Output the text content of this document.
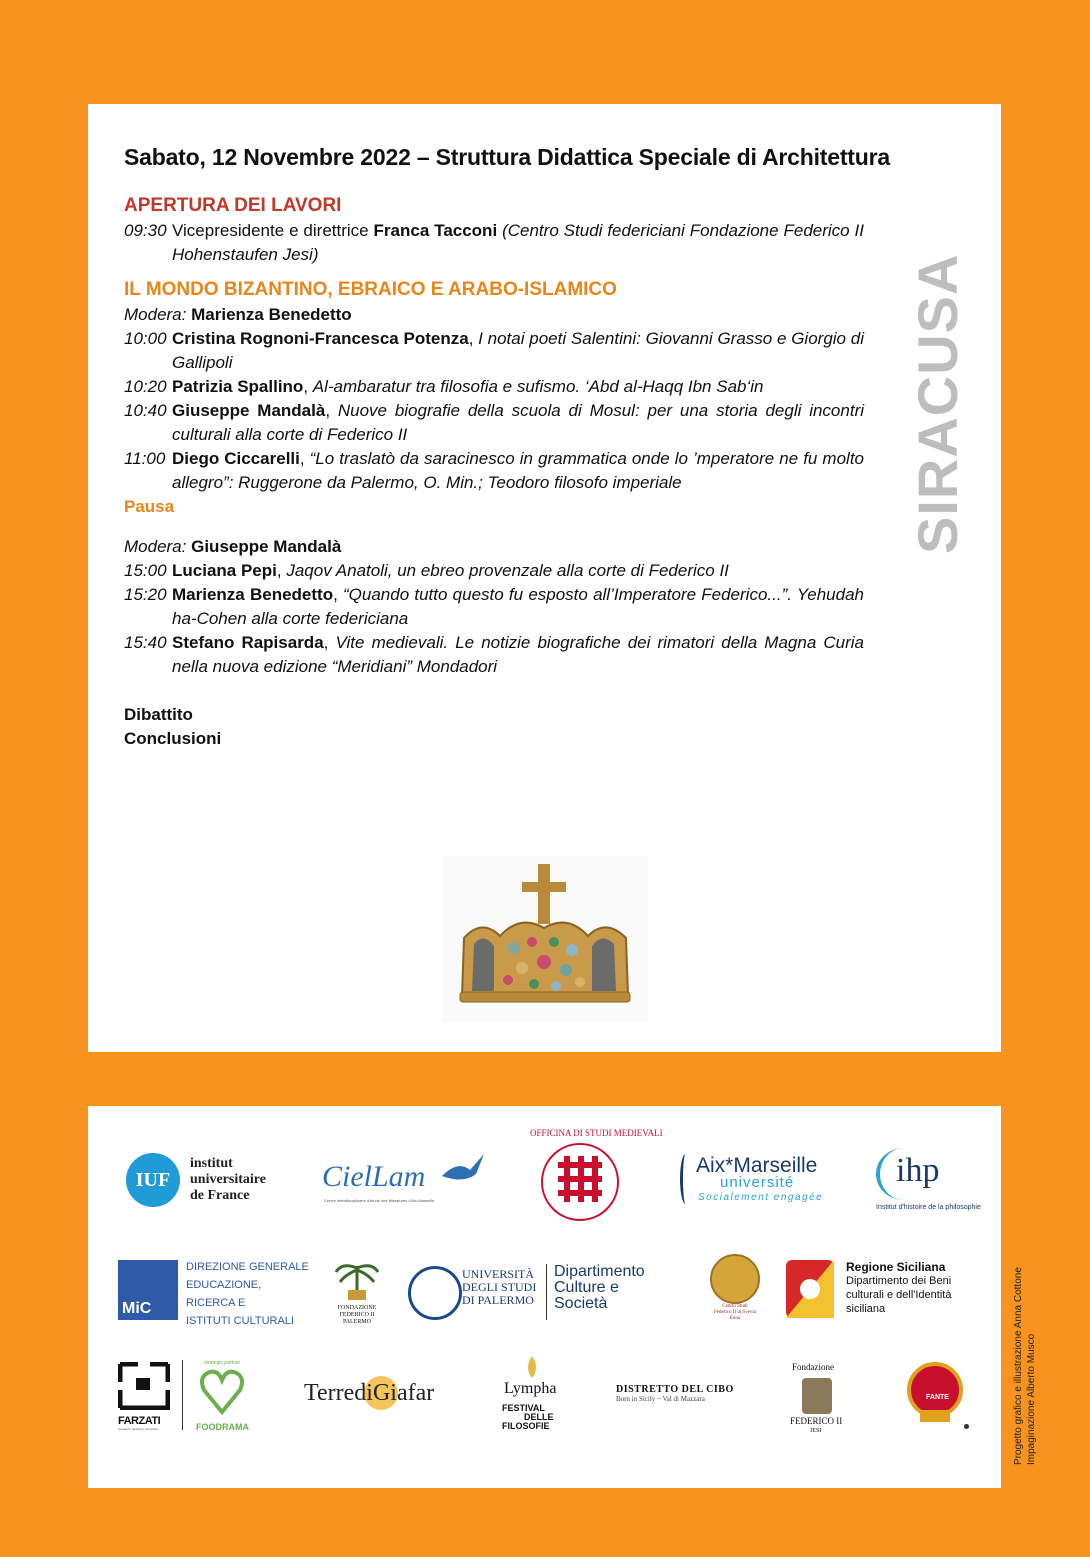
Sabato, 12 Novembre 2022 – Struttura Didattica Speciale di Architettura
APERTURA DEI LAVORI
09:30 Vicepresidente e direttrice Franca Tacconi (Centro Studi federiciani Fondazione Federico II Hohenstaufen Jesi)
IL MONDO BIZANTINO, EBRAICO E ARABO-ISLAMICO
Modera: Marienza Benedetto
10:00 Cristina Rognoni-Francesca Potenza, I notai poeti Salentini: Giovanni Grasso e Giorgio di Gallipoli
10:20 Patrizia Spallino, Al-ambaratur tra filosofia e sufismo. ‘Abd al-Haqq Ibn Sab‘in
10:40 Giuseppe Mandalà, Nuove biografie della scuola di Mosul: per una storia degli incontri culturali alla corte di Federico II
11:00 Diego Ciccarelli, “Lo traslatò da saracinesco in grammatica onde lo ’mperatore ne fu molto allegro”: Ruggerone da Palermo, O. Min.; Teodoro filosofo imperiale
Pausa
Modera: Giuseppe Mandalà
15:00 Luciana Pepi, Jaqov Anatoli, un ebreo provenzale alla corte di Federico II
15:20 Marienza Benedetto, “Quando tutto questo fu esposto all’Imperatore Federico...”. Yehudah ha-Cohen alla corte federiciana
15:40 Stefano Rapisarda, Vite medievali. Le notizie biografiche dei rimatori della Magna Curia nella nuova edizione “Meridiani” Mondadori
Dibattito
Conclusioni
SIRACUSA
IUF
institut
universitaire
de France
CielLam
Centre interdisciplinaire d'étude des littératures d'Aix-Marseille
OFFICINA DI STUDI MEDIEVALI
Aix*Marseille
université
Socialement engagée
ihp
Institut d'histoire de la philosophie
MiC
DIREZIONE GENERALE
EDUCAZIONE,
RICERCA E
ISTITUTI CULTURALI
FONDAZIONE
FEDERICO II
PALERMO
UNIVERSITÀ
DEGLI STUDI
DI PALERMO
Dipartimento
Culture e
Società	Centro Studi
Federico II di Svevia
Enna
Regione Siciliana
Dipartimento dei Beni
culturali e dell'Identità
siciliana
FARZATI
research | develop | innovation
strategic partner
FOODRAMA
TerrediGiafar	Lympha
FESTIVAL
DELLE
FILOSOFIE
DISTRETTO DEL CIBO
Born in Sicily ~ Val di Mazzara
Fondazione
FEDERICO II
JESI
FANTE	Progetto grafico e illustrazione Anna Cottone Impaginazione Alberto Musco
